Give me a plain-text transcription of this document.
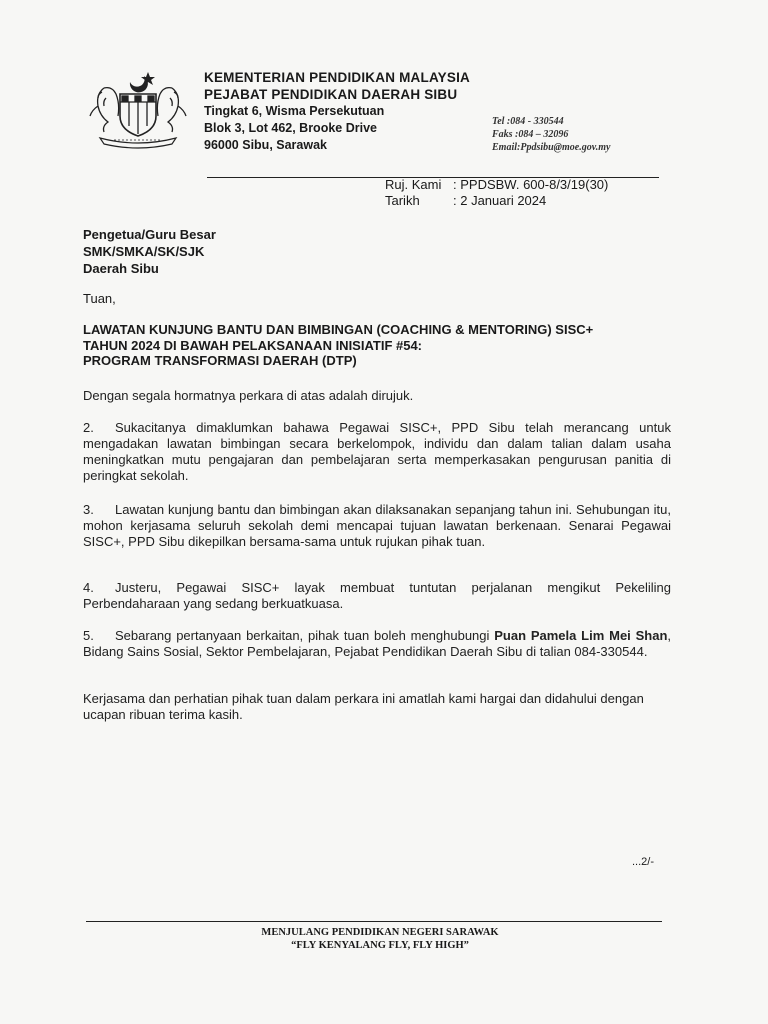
KEMENTERIAN PENDIDIKAN MALAYSIA
PEJABAT PENDIDIKAN DAERAH SIBU
Tingkat 6, Wisma Persekutuan
Blok 3, Lot 462, Brooke Drive
96000 Sibu, Sarawak
Tel :084 - 330544
Faks :084 – 32096
Email:Ppdsibu@moe.gov.my
Ruj. Kami : PPDSBW. 600-8/3/19(30)
Tarikh	: 2 Januari 2024
Pengetua/Guru Besar
SMK/SMKA/SK/SJK
Daerah Sibu
Tuan,
LAWATAN KUNJUNG BANTU DAN BIMBINGAN (COACHING & MENTORING) SISC+
TAHUN 2024 DI BAWAH PELAKSANAAN INISIATIF #54:
PROGRAM TRANSFORMASI DAERAH (DTP)
Dengan segala hormatnya perkara di atas adalah dirujuk.
2. Sukacitanya dimaklumkan bahawa Pegawai SISC+, PPD Sibu telah merancang untuk mengadakan lawatan bimbingan secara berkelompok, individu dan dalam talian dalam usaha meningkatkan mutu pengajaran dan pembelajaran serta memperkasakan pengurusan panitia di peringkat sekolah.
3. Lawatan kunjung bantu dan bimbingan akan dilaksanakan sepanjang tahun ini. Sehubungan itu, mohon kerjasama seluruh sekolah demi mencapai tujuan lawatan berkenaan. Senarai Pegawai SISC+, PPD Sibu dikepilkan bersama-sama untuk rujukan pihak tuan.
4. Justeru, Pegawai SISC+ layak membuat tuntutan perjalanan mengikut Pekeliling Perbendaharaan yang sedang berkuatkuasa.
5. Sebarang pertanyaan berkaitan, pihak tuan boleh menghubungi Puan Pamela Lim Mei Shan, Bidang Sains Sosial, Sektor Pembelajaran, Pejabat Pendidikan Daerah Sibu di talian 084-330544.
Kerjasama dan perhatian pihak tuan dalam perkara ini amatlah kami hargai dan didahului dengan ucapan ribuan terima kasih.
...2/-
MENJULANG PENDIDIKAN NEGERI SARAWAK
“FLY KENYALANG FLY, FLY HIGH”
